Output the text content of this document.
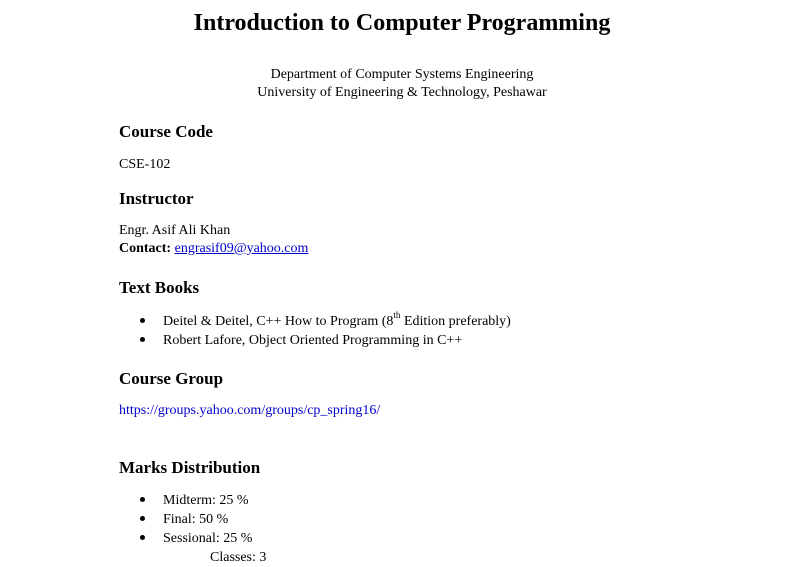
Introduction to Computer Programming
Department of Computer Systems Engineering
University of Engineering & Technology, Peshawar
Course Code
CSE-102
Instructor
Engr. Asif Ali Khan
Contact: engrasif09@yahoo.com
Text Books
Deitel & Deitel, C++ How to Program (8th Edition preferably)
Robert Lafore, Object Oriented Programming in C++
Course Group
https://groups.yahoo.com/groups/cp_spring16/
Marks Distribution
Midterm: 25 %
Final: 50 %
Sessional: 25 %
Classes: 3
